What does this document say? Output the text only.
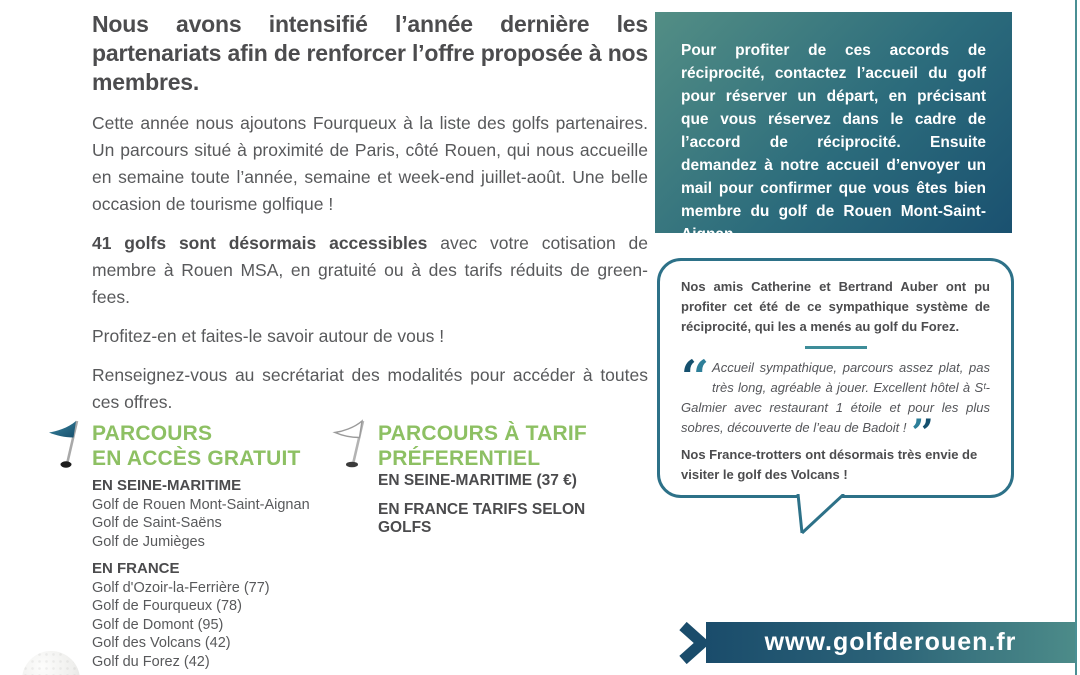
Nous avons intensifié l’année dernière les partenariats afin de renforcer l’offre proposée à nos membres.

Cette année nous ajoutons Fourqueux à la liste des golfs partenaires. Un parcours situé à proximité de Paris, côté Rouen, qui nous accueille en semaine toute l’année, semaine et week-end juillet-août. Une belle occasion de tourisme golfique !

41 golfs sont désormais accessibles avec votre cotisation de membre à Rouen MSA, en gratuité ou à des tarifs réduits de green-fees.

Profitez-en et faites-le savoir autour de vous !

Renseignez-vous au secrétariat des modalités pour accéder à toutes ces offres.

PARCOURS
EN ACCÈS GRATUIT
EN SEINE-MARITIME
Golf de Rouen Mont-Saint-Aignan
Golf de Saint-Saëns
Golf de Jumièges
EN FRANCE
Golf d'Ozoir-la-Ferrière (77)
Golf de Fourqueux (78)
Golf de Domont (95)
Golf des Volcans (42)
Golf du Forez (42)
PARCOURS À TARIF
PRÉFERENTIEL
EN SEINE-MARITIME (37 €)
EN FRANCE TARIFS SELON GOLFS

Pour profiter de ces accords de réciprocité, contactez l’accueil du golf pour réserver un départ, en précisant que vous réservez dans le cadre de l’accord de réciprocité. Ensuite demandez à notre accueil d’envoyer un mail pour confirmer que vous êtes bien membre du golf de Rouen Mont-Saint-Aignan.

Nos amis Catherine et Bertrand Auber ont pu profiter cet été de ce sympathique système de réciprocité, qui les a menés au golf du Forez.

‘‘ Accueil sympathique, parcours assez plat, pas très long, agréable à jouer. Excellent hôtel à Sᵗ-Galmier avec restaurant 1 étoile et pour les plus sobres, découverte de l’eau de Badoit ! ’’

Nos France-trotters ont désormais très envie de visiter le golf des Volcans !

www.golfderouen.fr
